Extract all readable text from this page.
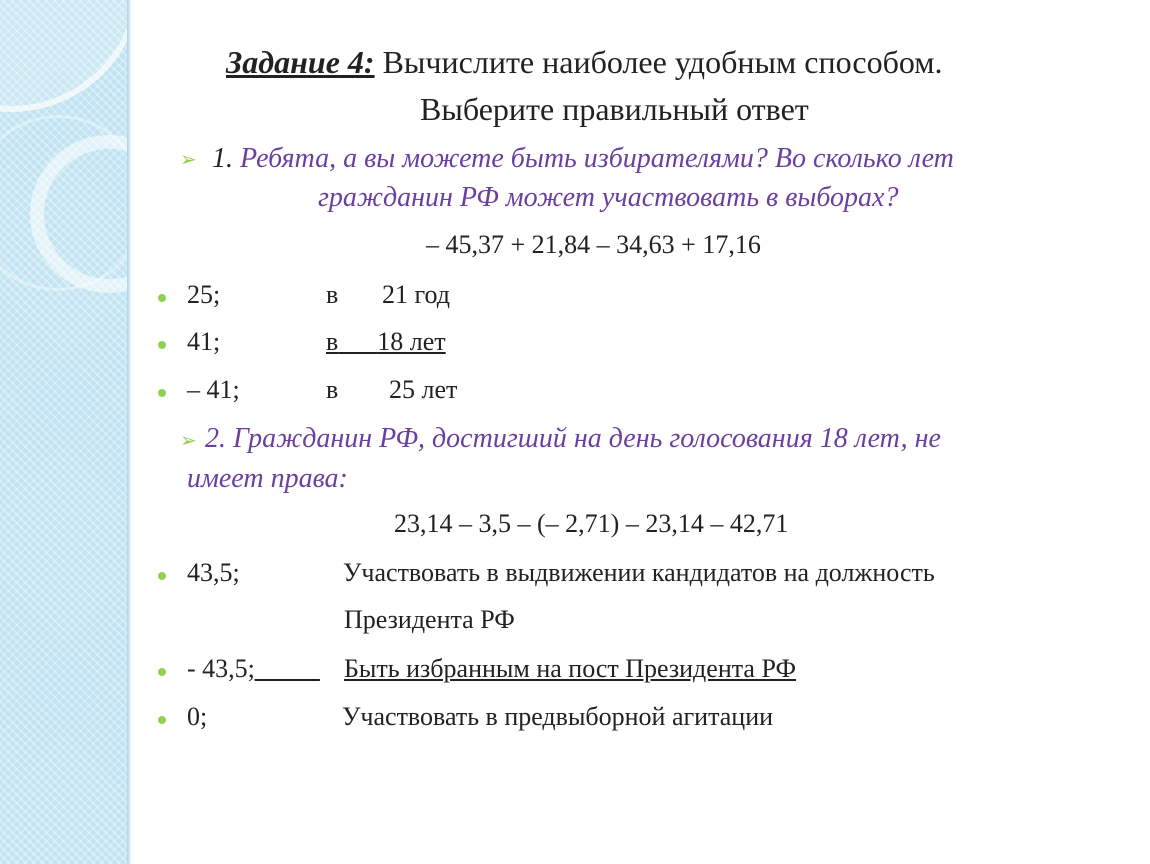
Задание 4: Вычислите наиболее удобным способом.
Выберите правильный ответ
➢ 1. Ребята, а вы можете быть избирателями? Во сколько лет
гражданин РФ может участвовать в выборах?
– 45,37 + 21,84 – 34,63 + 17,16
25;	в 21 год
41;	в 18 лет
– 41;	в 25 лет
➢ 2. Гражданин РФ, достигший на день голосования 18 лет, не
имеет права:
23,14 – 3,5 – (– 2,71) – 23,14 – 42,71
43,5;	Участвовать в выдвижении кандидатов на должность
Президента РФ
- 43,5;	Быть избранным на пост Президента РФ
0;	Участвовать в предвыборной агитации
